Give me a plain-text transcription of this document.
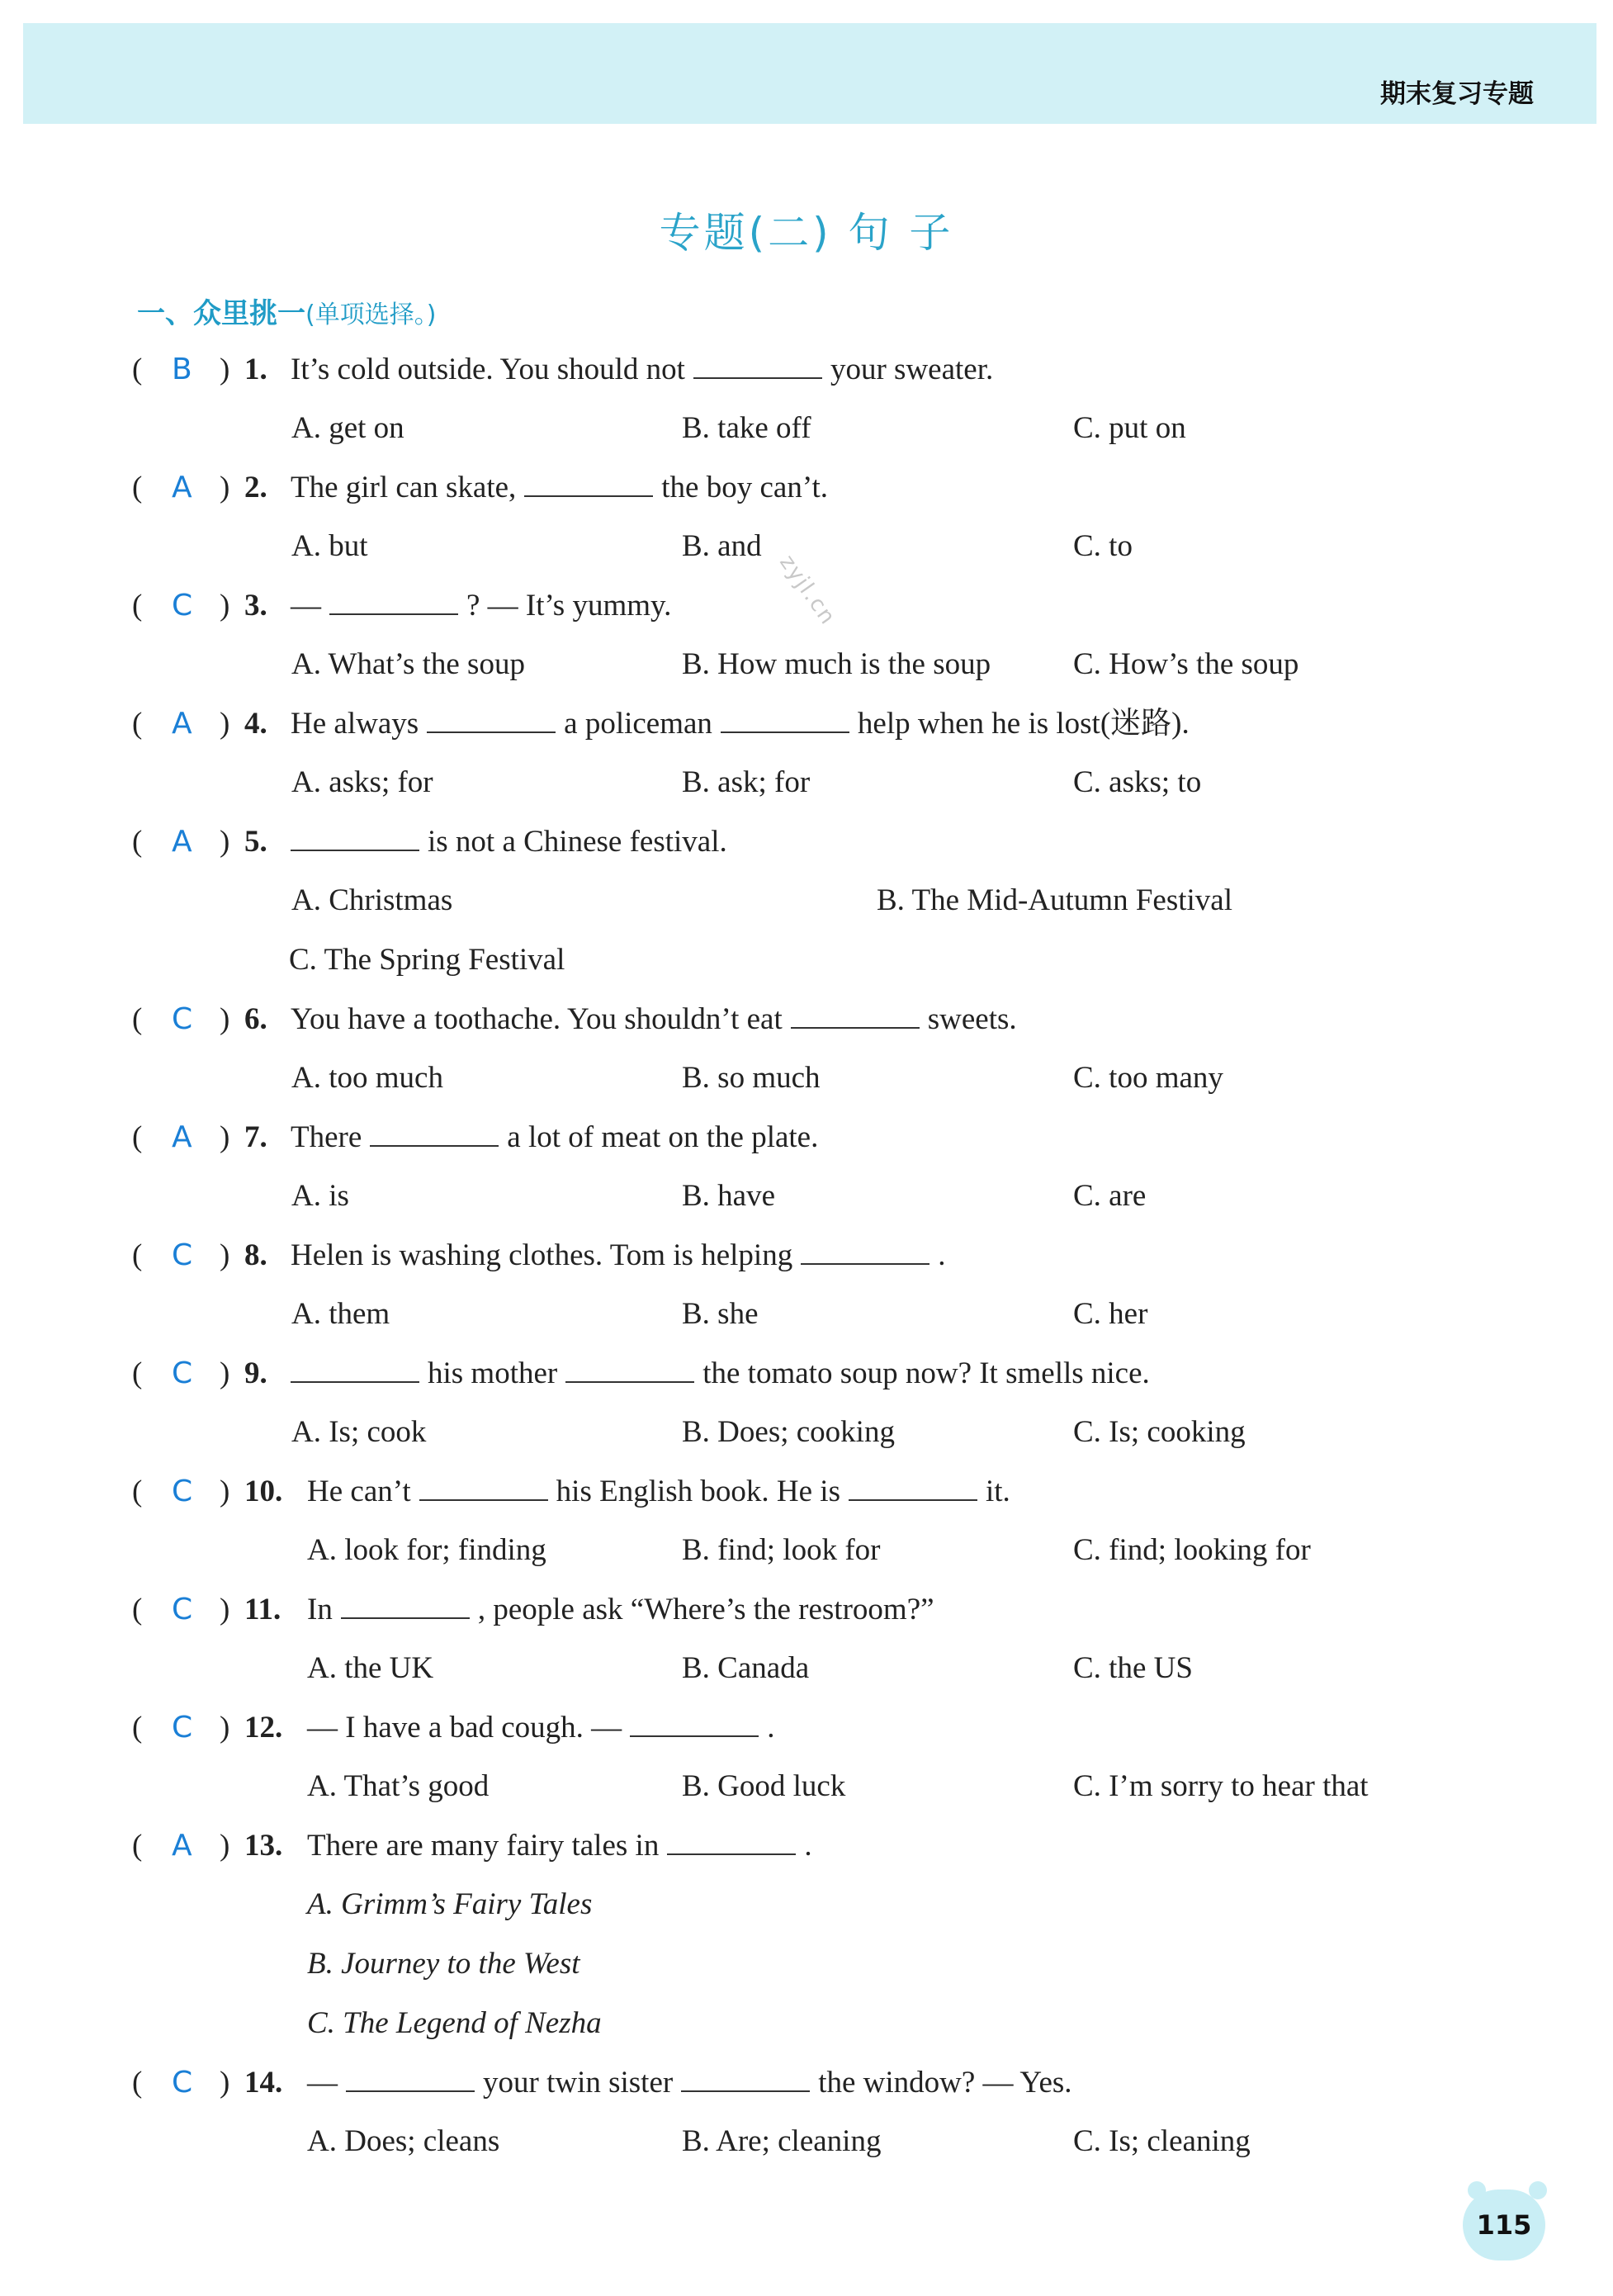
期末复习专题
专题(二) 句 子
一、众里挑一(单项选择。)
zyjl.cn
( B ) 1. It’s cold outside. You should not	your sweater.
A. get on	B. take off	C. put on
( A ) 2. The girl can skate,	the boy can’t.
A. but	B. and	C. to
( C ) 3. —	? — It’s yummy.
A. What’s the soup	B. How much is the soup	C. How’s the soup
( A ) 4. He always	a policeman	help when he is lost(迷路).
A. asks; for	B. ask; for	C. asks; to
( A ) 5.	is not a Chinese festival.
A. Christmas	B. The Mid-Autumn Festival
C. The Spring Festival
( C ) 6. You have a toothache. You shouldn’t eat	sweets.
A. too much	B. so much	C. too many
( A ) 7. There	a lot of meat on the plate.
A. is	B. have	C. are
( C ) 8. Helen is washing clothes. Tom is helping	.
A. them	B. she	C. her
( C ) 9.	his mother	the tomato soup now? It smells nice.
A. Is; cook	B. Does; cooking	C. Is; cooking
( C ) 10. He can’t	his English book. He is	it.
A. look for; finding	B. find; look for	C. find; looking for
( C ) 11. In	, people ask “Where’s the restroom?”
A. the UK	B. Canada	C. the US
( C ) 12. — I have a bad cough. —	.
A. That’s good	B. Good luck	C. I’m sorry to hear that
( A ) 13. There are many fairy tales in	.
A. Grimm’s Fairy Tales
B. Journey to the West
C. The Legend of Nezha
( C ) 14. —	your twin sister	the window? — Yes.
A. Does; cleans	B. Are; cleaning	C. Is; cleaning
115
